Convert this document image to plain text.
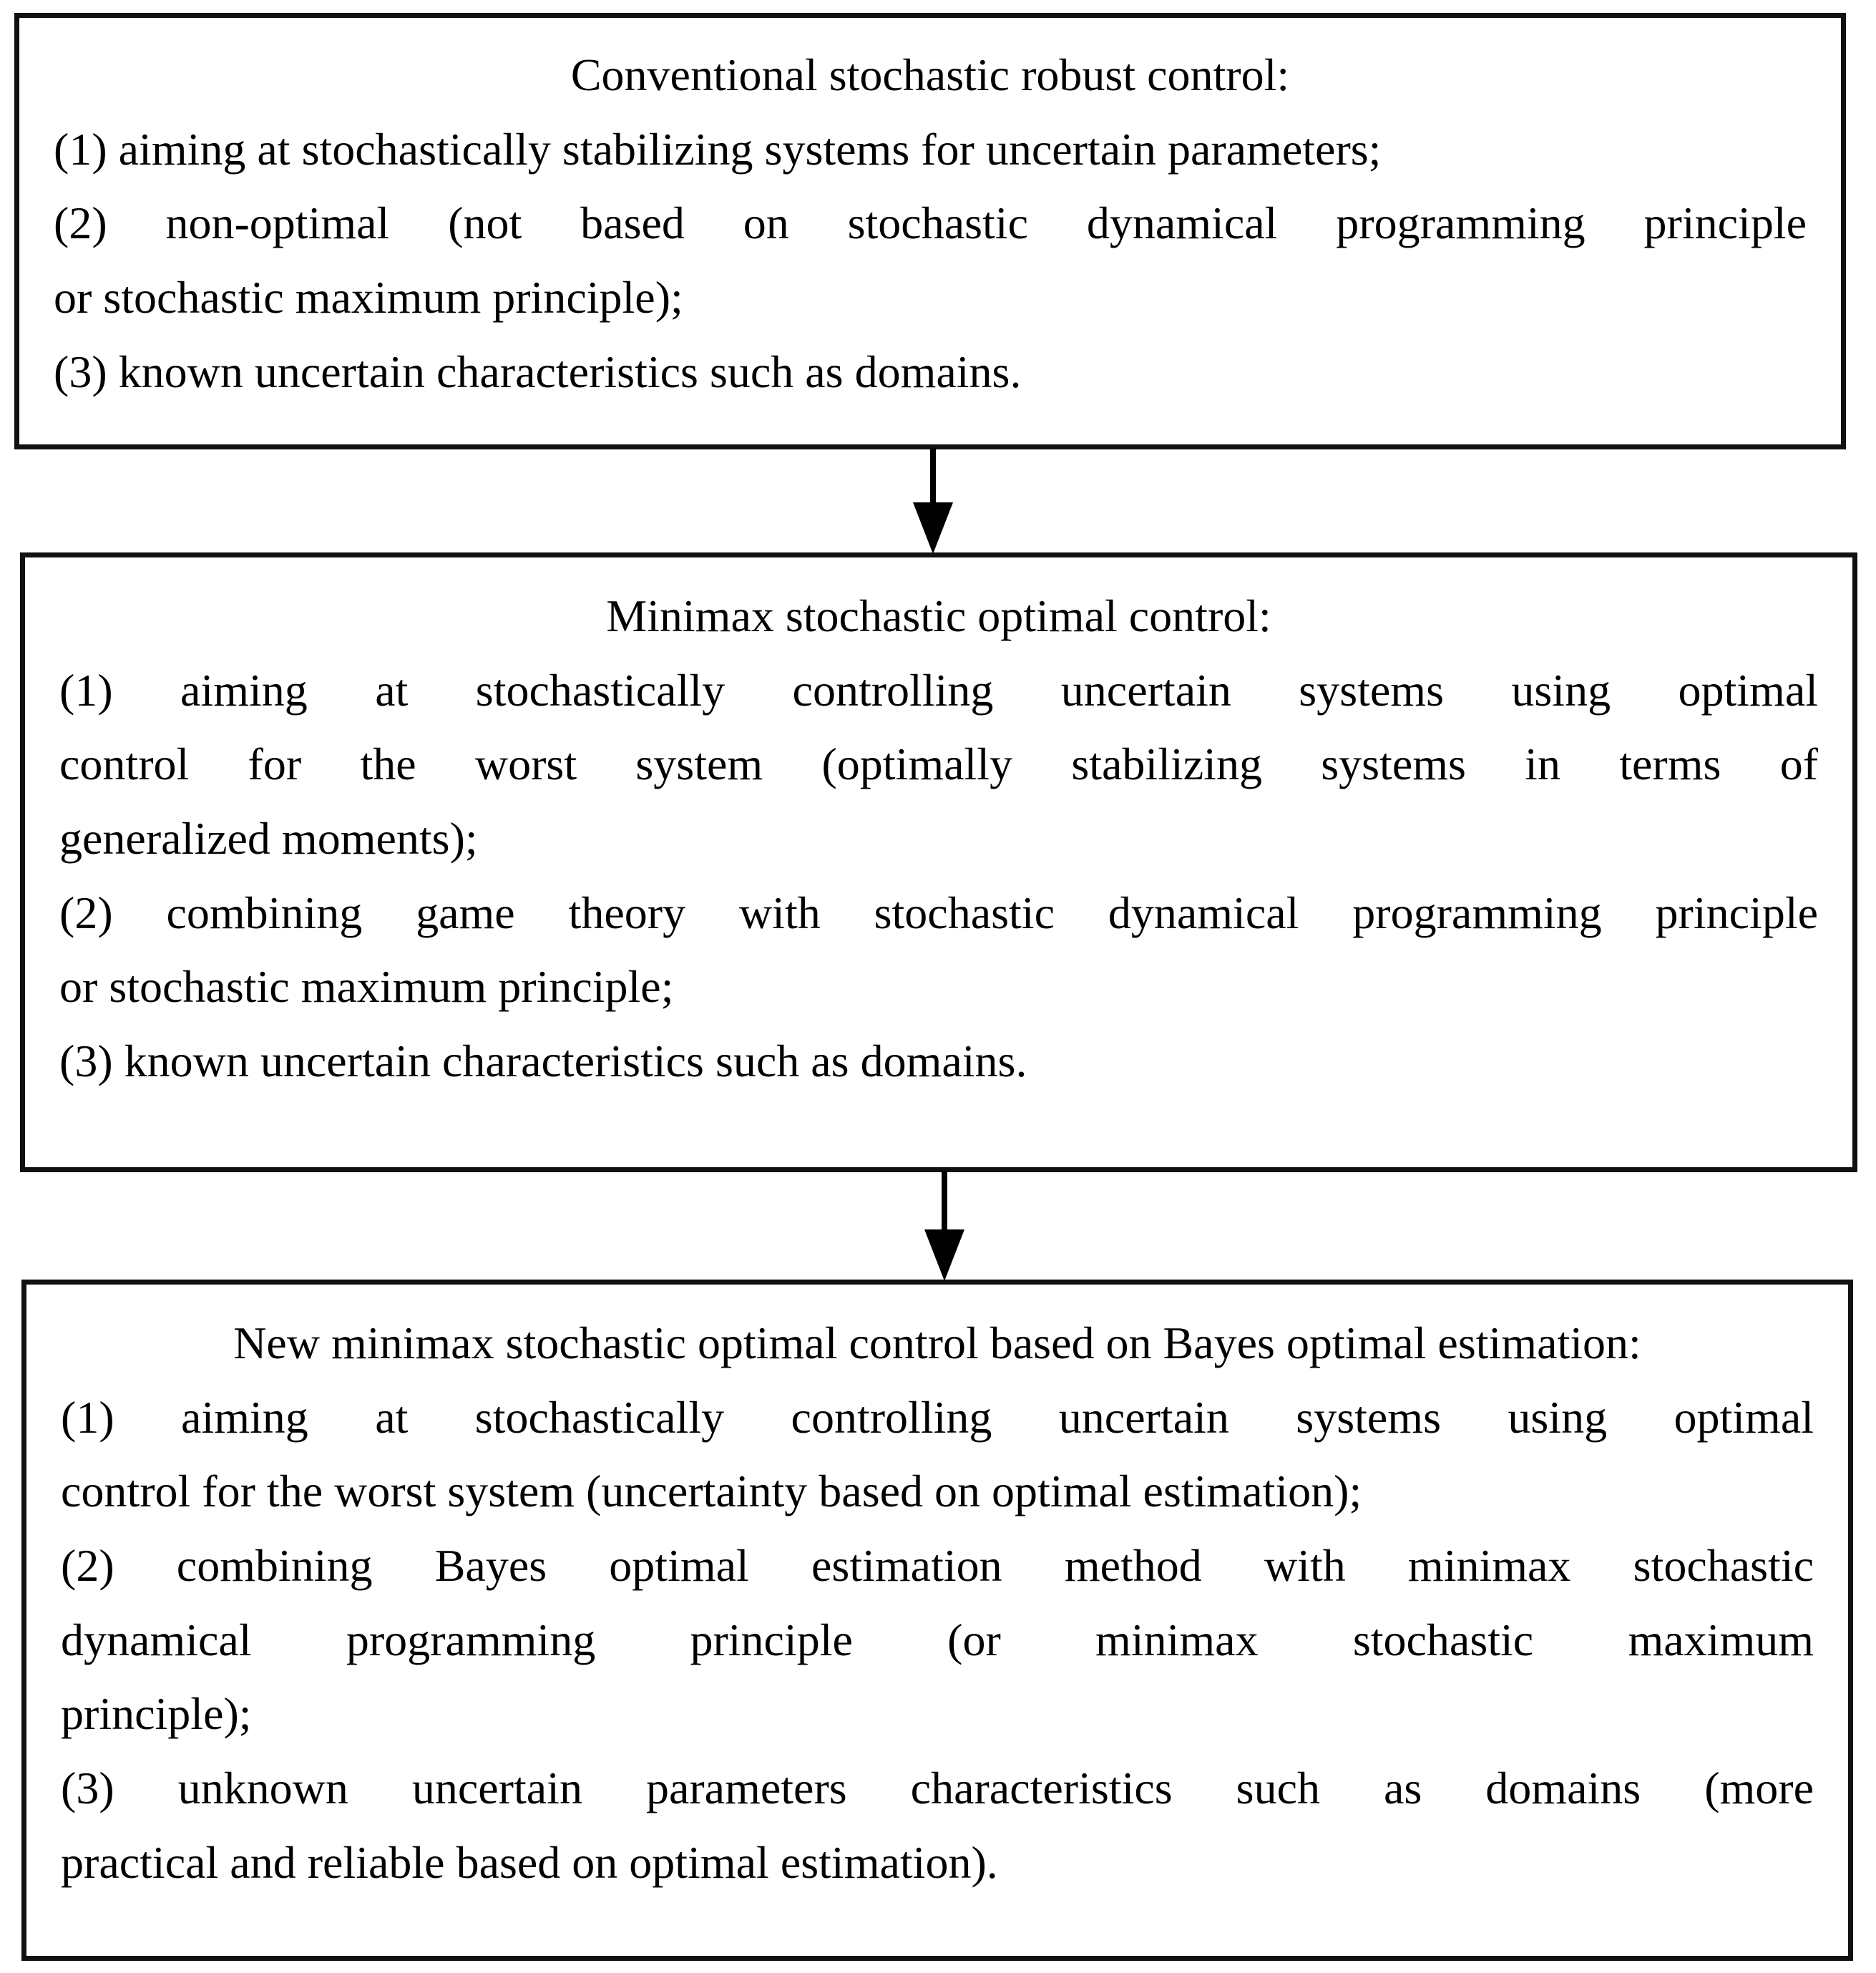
Conventional stochastic robust control:
(1) aiming at stochastically stabilizing systems for uncertain parameters;
(2) non-optimal (not based on stochastic dynamical programming principle
or stochastic maximum principle);
(3) known uncertain characteristics such as domains.
Minimax stochastic optimal control:
(1) aiming at stochastically controlling uncertain systems using optimal
control for the worst system (optimally stabilizing systems in terms of
generalized moments);
(2) combining game theory with stochastic dynamical programming principle
or stochastic maximum principle;
(3) known uncertain characteristics such as domains.
New minimax stochastic optimal control based on Bayes optimal estimation:
(1) aiming at stochastically controlling uncertain systems using optimal
control for the worst system (uncertainty based on optimal estimation);
(2) combining Bayes optimal estimation method with minimax stochastic
dynamical programming principle (or minimax stochastic maximum
principle);
(3) unknown uncertain parameters characteristics such as domains (more
practical and reliable based on optimal estimation).
